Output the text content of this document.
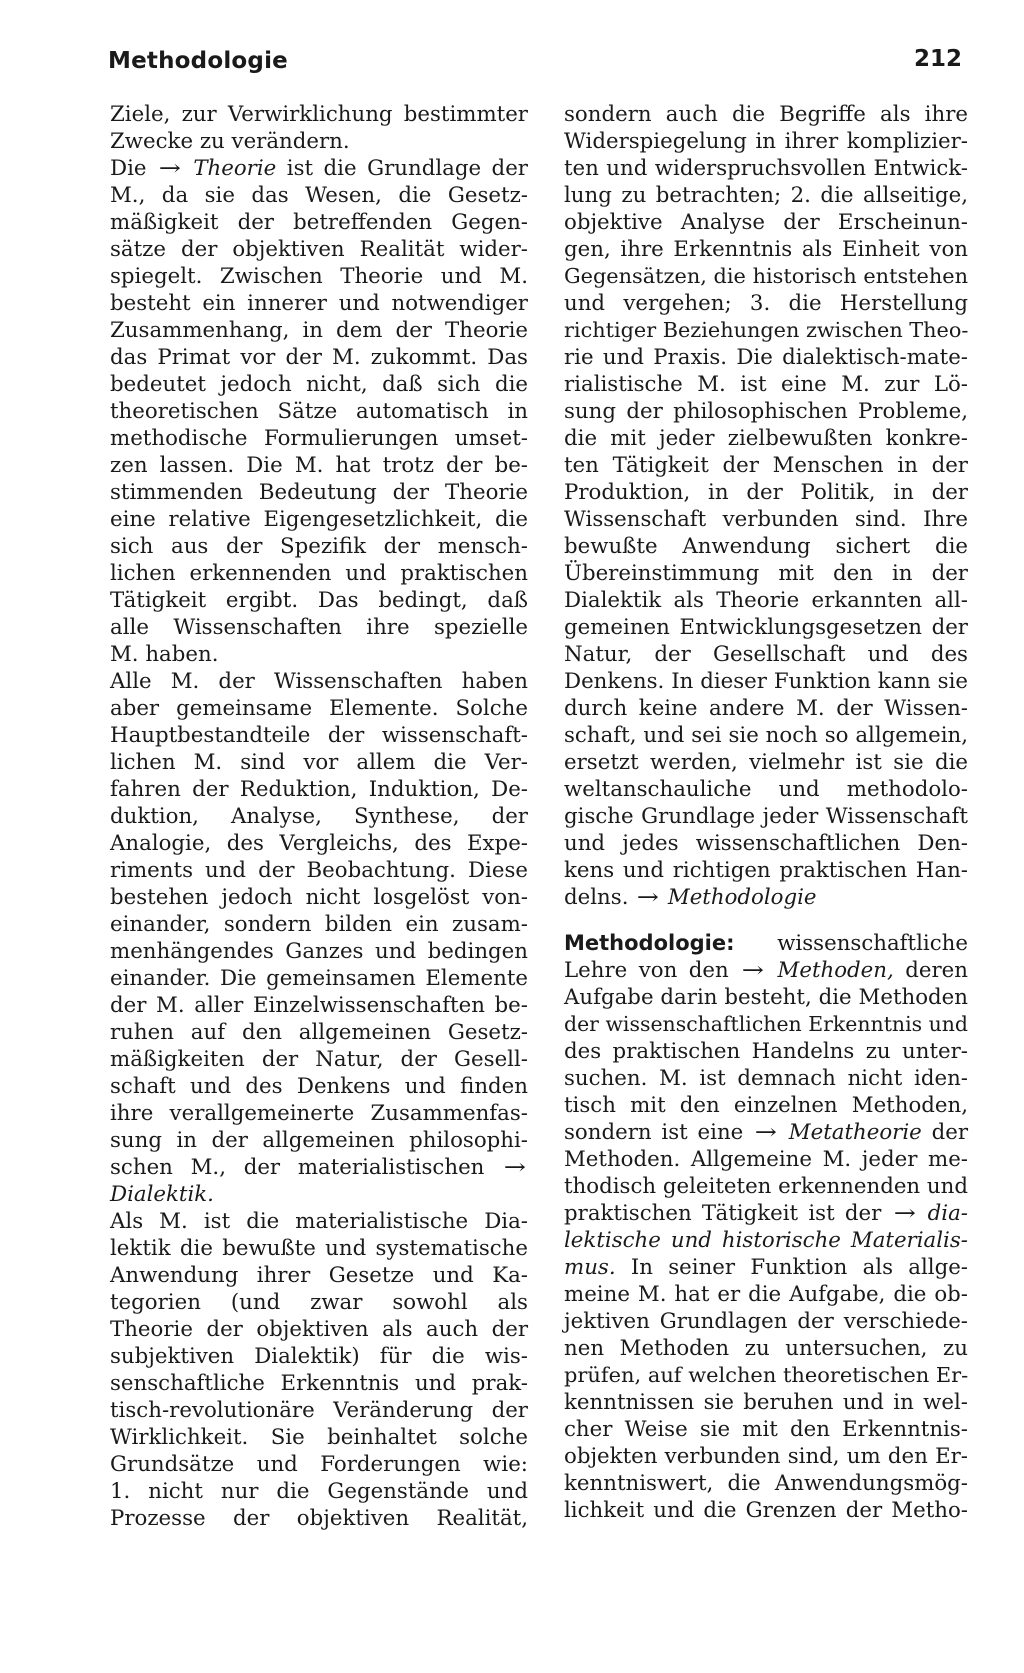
Methodologie	212
Ziele, zur Verwirklichung bestimmter
Zwecke zu verändern.
Die → Theorie ist die Grundlage der
M., da sie das Wesen, die Gesetz-
mäßigkeit der betreffenden Gegen-
sätze der objektiven Realität wider-
spiegelt. Zwischen Theorie und M.
besteht ein innerer und notwendiger
Zusammenhang, in dem der Theorie
das Primat vor der M. zukommt. Das
bedeutet jedoch nicht, daß sich die
theoretischen Sätze automatisch in
methodische Formulierungen umset-
zen lassen. Die M. hat trotz der be-
stimmenden Bedeutung der Theorie
eine relative Eigengesetzlichkeit, die
sich aus der Spezifik der mensch-
lichen erkennenden und praktischen
Tätigkeit ergibt. Das bedingt, daß
alle Wissenschaften ihre spezielle
M. haben.
Alle M. der Wissenschaften haben
aber gemeinsame Elemente. Solche
Hauptbestandteile der wissenschaft-
lichen M. sind vor allem die Ver-
fahren der Reduktion, Induktion, De-
duktion, Analyse, Synthese, der
Analogie, des Vergleichs, des Expe-
riments und der Beobachtung. Diese
bestehen jedoch nicht losgelöst von-
einander, sondern bilden ein zusam-
menhängendes Ganzes und bedingen
einander. Die gemeinsamen Elemente
der M. aller Einzelwissenschaften be-
ruhen auf den allgemeinen Gesetz-
mäßigkeiten der Natur, der Gesell-
schaft und des Denkens und finden
ihre verallgemeinerte Zusammenfas-
sung in der allgemeinen philosophi-
schen M., der materialistischen →
Dialektik.
Als M. ist die materialistische Dia-
lektik die bewußte und systematische
Anwendung ihrer Gesetze und Ka-
tegorien (und zwar sowohl als
Theorie der objektiven als auch der
subjektiven Dialektik) für die wis-
senschaftliche Erkenntnis und prak-
tisch-revolutionäre Veränderung der
Wirklichkeit. Sie beinhaltet solche
Grundsätze und Forderungen wie:
1. nicht nur die Gegenstände und
Prozesse der objektiven Realität,
sondern auch die Begriffe als ihre
Widerspiegelung in ihrer komplizier-
ten und widerspruchsvollen Entwick-
lung zu betrachten; 2. die allseitige,
objektive Analyse der Erscheinun-
gen, ihre Erkenntnis als Einheit von
Gegensätzen, die historisch entstehen
und vergehen; 3. die Herstellung
richtiger Beziehungen zwischen Theo-
rie und Praxis. Die dialektisch-mate-
rialistische M. ist eine M. zur Lö-
sung der philosophischen Probleme,
die mit jeder zielbewußten konkre-
ten Tätigkeit der Menschen in der
Produktion, in der Politik, in der
Wissenschaft verbunden sind. Ihre
bewußte Anwendung sichert die
Übereinstimmung mit den in der
Dialektik als Theorie erkannten all-
gemeinen Entwicklungsgesetzen der
Natur, der Gesellschaft und des
Denkens. In dieser Funktion kann sie
durch keine andere M. der Wissen-
schaft, und sei sie noch so allgemein,
ersetzt werden, vielmehr ist sie die
weltanschauliche und methodolo-
gische Grundlage jeder Wissenschaft
und jedes wissenschaftlichen Den-
kens und richtigen praktischen Han-
delns. → Methodologie
Methodologie: wissenschaftliche
Lehre von den → Methoden, deren
Aufgabe darin besteht, die Methoden
der wissenschaftlichen Erkenntnis und
des praktischen Handelns zu unter-
suchen. M. ist demnach nicht iden-
tisch mit den einzelnen Methoden,
sondern ist eine → Metatheorie der
Methoden. Allgemeine M. jeder me-
thodisch geleiteten erkennenden und
praktischen Tätigkeit ist der → dia-
lektische und historische Materialis-
mus. In seiner Funktion als allge-
meine M. hat er die Aufgabe, die ob-
jektiven Grundlagen der verschiede-
nen Methoden zu untersuchen, zu
prüfen, auf welchen theoretischen Er-
kenntnissen sie beruhen und in wel-
cher Weise sie mit den Erkenntnis-
objekten verbunden sind, um den Er-
kenntniswert, die Anwendungsmög-
lichkeit und die Grenzen der Metho-
